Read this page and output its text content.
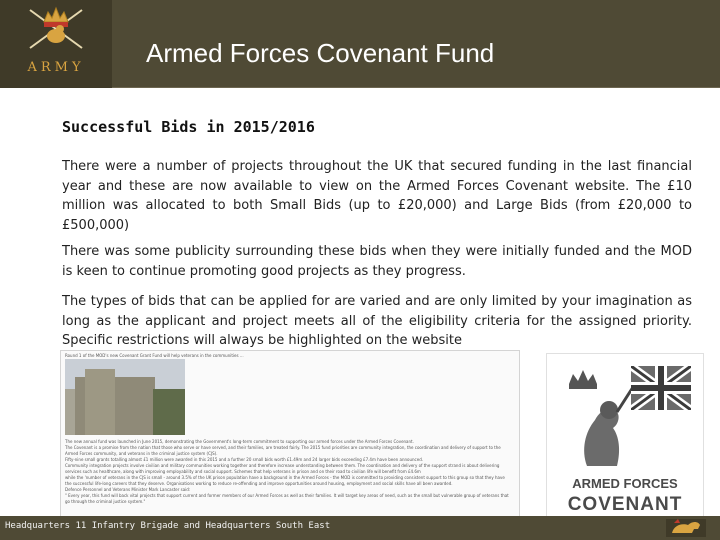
ARMY	Armed Forces Covenant Fund
Successful Bids in 2015/2016

There were a number of projects throughout the UK that secured funding in the last financial year and these are now available to view on the Armed Forces Covenant website. The £10 million was allocated to both Small Bids (up to £20,000) and Large Bids (from £20,000 to £500,000)

There was some publicity surrounding these bids when they were initially funded and the MOD is keen to continue promoting good projects as they progress.

The types of bids that can be applied for are varied and are only limited by your imagination as long as the applicant and project meets all of the eligibility criteria for the assigned priority. Specific restrictions will always be highlighted on the website

Round 1 of the MOD's new Covenant Grant Fund will help veterans in the communities ...
The new annual fund was launched in June 2015, demonstrating the Government's long-term commitment to supporting our armed forces under the Armed Forces Covenant.
The Covenant is a promise from the nation that those who serve or have served, and their families, are treated fairly. The 2015 fund priorities are community integration, the coordination and delivery of support to the
Armed Forces community, and veterans in the criminal justice system (CJS).
Fifty-nine small grants totalling almost £1 million were awarded in this 2015 and a further 20 small bids worth £1.49m and 24 larger bids exceeding £7.4m have been announced.
Community integration projects involve civilian and military communities working together and therefore increase understanding between them. The coordination and delivery of the support strand is about delivering
services such as healthcare, along with improving employability and social support. Schemes that help veterans in prison and on their road to civilian life will benefit from £4.6m
while the 'number of veterans in the CJS is small - around 3.5% of the UK prison population have a background in the Armed Forces - the MOD is committed to providing consistent support to this group so that they have
the successful life-long careers that they deserve. Organisations working to reduce re-offending and improve opportunities around housing, employment and social skills have all been awarded.
Defence Personnel and Veterans Minister Mark Lancaster said:
" Every year, this fund will back vital projects that support current and former members of our Armed Forces as well as their families. It will target key areas of need, such as the small but vulnerable group of veterans that
go through the criminal justice system."
ARMED FORCES
COVENANT
Headquarters 11 Infantry Brigade and Headquarters South East
